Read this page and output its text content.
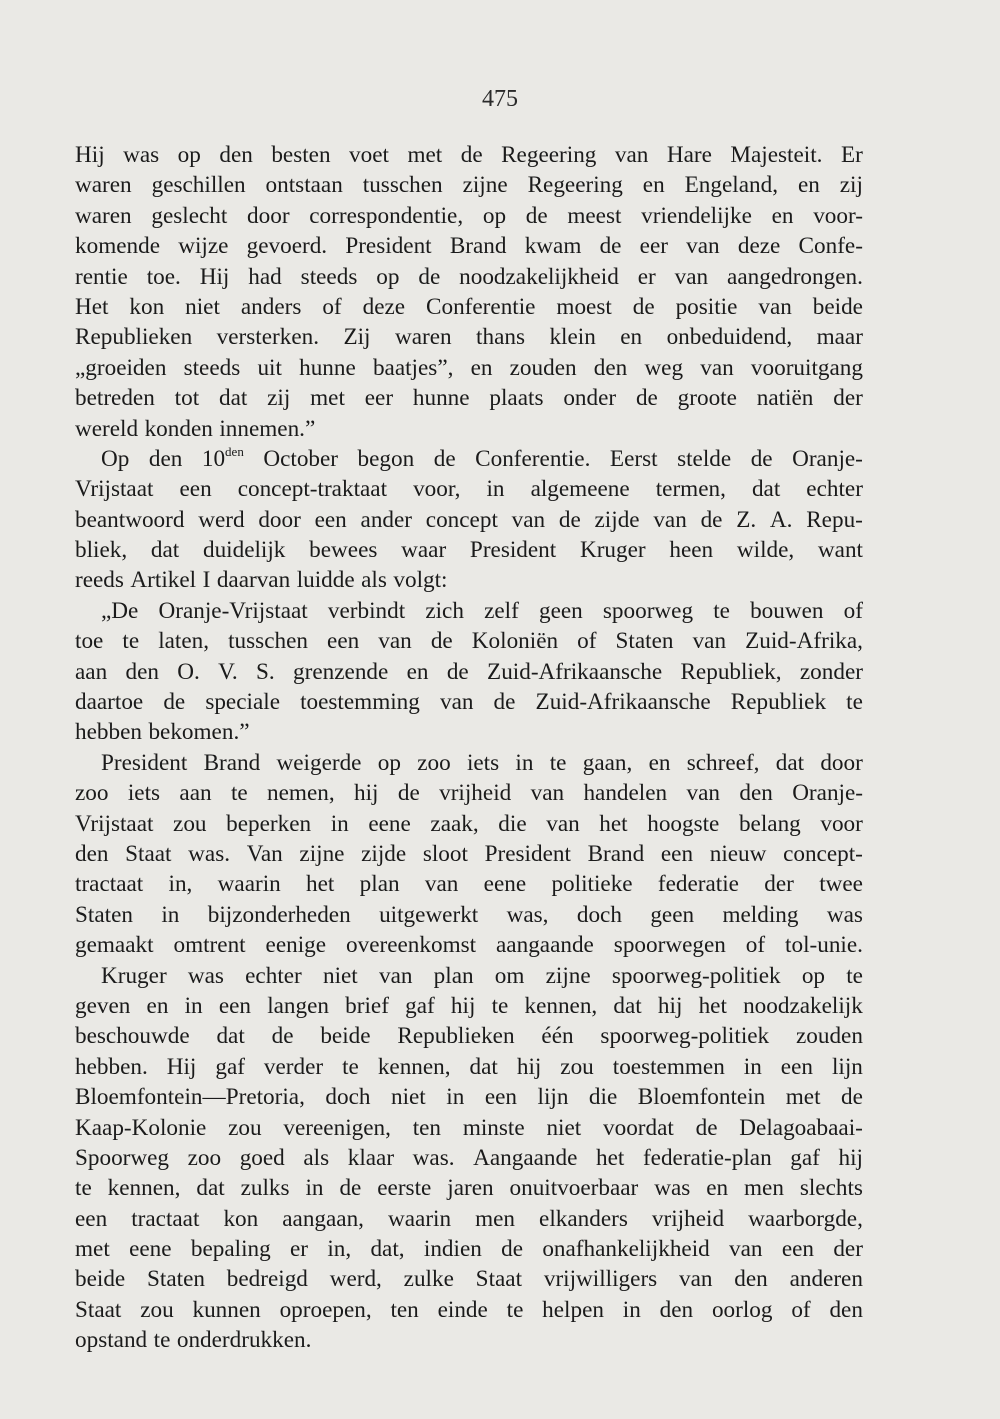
475
Hij was op den besten voet met de Regeering van Hare Majesteit. Er
waren geschillen ontstaan tusschen zijne Regeering en Engeland, en zij
waren geslecht door correspondentie, op de meest vriendelijke en voor-
komende wijze gevoerd. President Brand kwam de eer van deze Confe-
rentie toe. Hij had steeds op de noodzakelijkheid er van aangedrongen.
Het kon niet anders of deze Conferentie moest de positie van beide
Republieken versterken. Zij waren thans klein en onbeduidend, maar
„groeiden steeds uit hunne baatjes”, en zouden den weg van vooruitgang
betreden tot dat zij met eer hunne plaats onder de groote natiën der
wereld konden innemen.”
Op den $10^{den}$ October begon de Conferentie. Eerst stelde de Oranje-
Vrijstaat een concept-traktaat voor, in algemeene termen, dat echter
beantwoord werd door een ander concept van de zijde van de Z. A. Repu-
bliek, dat duidelijk bewees waar President Kruger heen wilde, want
reeds Artikel I daarvan luidde als volgt:
„De Oranje-Vrijstaat verbindt zich zelf geen spoorweg te bouwen of
toe te laten, tusschen een van de Koloniën of Staten van Zuid-Afrika,
aan den O. V. S. grenzende en de Zuid-Afrikaansche Republiek, zonder
daartoe de speciale toestemming van de Zuid-Afrikaansche Republiek te
hebben bekomen.”
President Brand weigerde op zoo iets in te gaan, en schreef, dat door
zoo iets aan te nemen, hij de vrijheid van handelen van den Oranje-
Vrijstaat zou beperken in eene zaak, die van het hoogste belang voor
den Staat was. Van zijne zijde sloot President Brand een nieuw concept-
tractaat in, waarin het plan van eene politieke federatie der twee
Staten in bijzonderheden uitgewerkt was, doch geen melding was
gemaakt omtrent eenige overeenkomst aangaande spoorwegen of tol-unie.
Kruger was echter niet van plan om zijne spoorweg-politiek op te
geven en in een langen brief gaf hij te kennen, dat hij het noodzakelijk
beschouwde dat de beide Republieken één spoorweg-politiek zouden
hebben. Hij gaf verder te kennen, dat hij zou toestemmen in een lijn
Bloemfontein—Pretoria, doch niet in een lijn die Bloemfontein met de
Kaap-Kolonie zou vereenigen, ten minste niet voordat de Delagoabaai-
Spoorweg zoo goed als klaar was. Aangaande het federatie-plan gaf hij
te kennen, dat zulks in de eerste jaren onuitvoerbaar was en men slechts
een tractaat kon aangaan, waarin men elkanders vrijheid waarborgde,
met eene bepaling er in, dat, indien de onafhankelijkheid van een der
beide Staten bedreigd werd, zulke Staat vrijwilligers van den anderen
Staat zou kunnen oproepen, ten einde te helpen in den oorlog of den
opstand te onderdrukken.
